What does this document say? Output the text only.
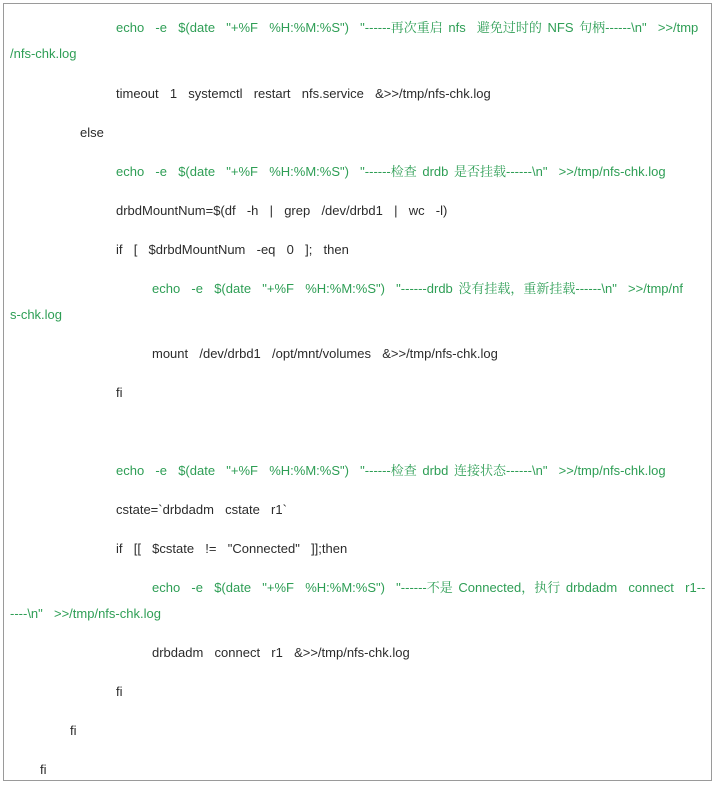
echo  -e  $(date  "+%F  %H:%M:%S")  "------再次重启 nfs  避免过时的 NFS 句柄------\n"  >>/tmp
/nfs-chk.log
timeout  1  systemctl  restart  nfs.service  &>>/tmp/nfs-chk.log
else
echo  -e  $(date  "+%F  %H:%M:%S")  "------检查 drdb 是否挂载------\n"  >>/tmp/nfs-chk.log
drbdMountNum=$(df  -h  |  grep  /dev/drbd1  |  wc  -l)
if  [  $drbdMountNum  -eq  0  ];  then
echo  -e  $(date  "+%F  %H:%M:%S")  "------drdb 没有挂载，重新挂载------\n"  >>/tmp/nf
s-chk.log
mount  /dev/drbd1  /opt/mnt/volumes  &>>/tmp/nfs-chk.log
fi
echo  -e  $(date  "+%F  %H:%M:%S")  "------检查 drbd 连接状态------\n"  >>/tmp/nfs-chk.log
cstate=`drbdadm  cstate  r1`
if  [[  $cstate  !=  "Connected"  ]];then
echo  -e  $(date  "+%F  %H:%M:%S")  "------不是 Connected，执行 drbdadm  connect  r1--
----\n"  >>/tmp/nfs-chk.log
drbdadm  connect  r1  &>>/tmp/nfs-chk.log
fi
fi
fi
